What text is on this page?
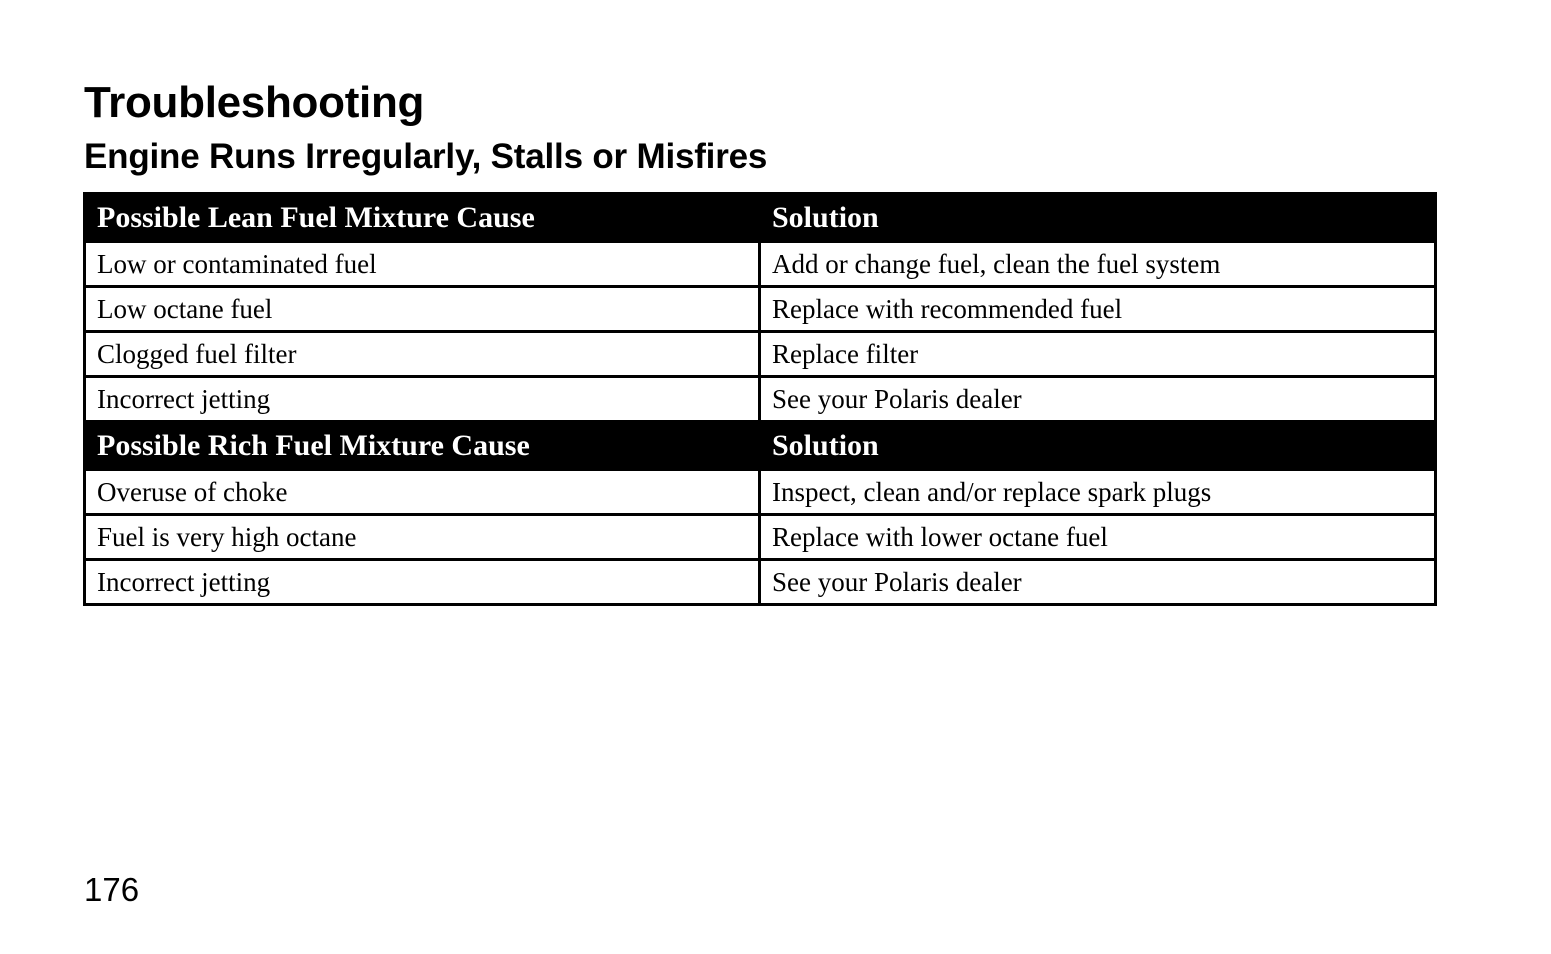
Troubleshooting
Engine Runs Irregularly, Stalls or Misfires
Possible Lean Fuel Mixture Cause	Solution
Low or contaminated fuel	Add or change fuel, clean the fuel system
Low octane fuel	Replace with recommended fuel
Clogged fuel filter	Replace filter
Incorrect jetting	See your Polaris dealer
Possible Rich Fuel Mixture Cause	Solution
Overuse of choke	Inspect, clean and/or replace spark plugs
Fuel is very high octane	Replace with lower octane fuel
Incorrect jetting	See your Polaris dealer

176
